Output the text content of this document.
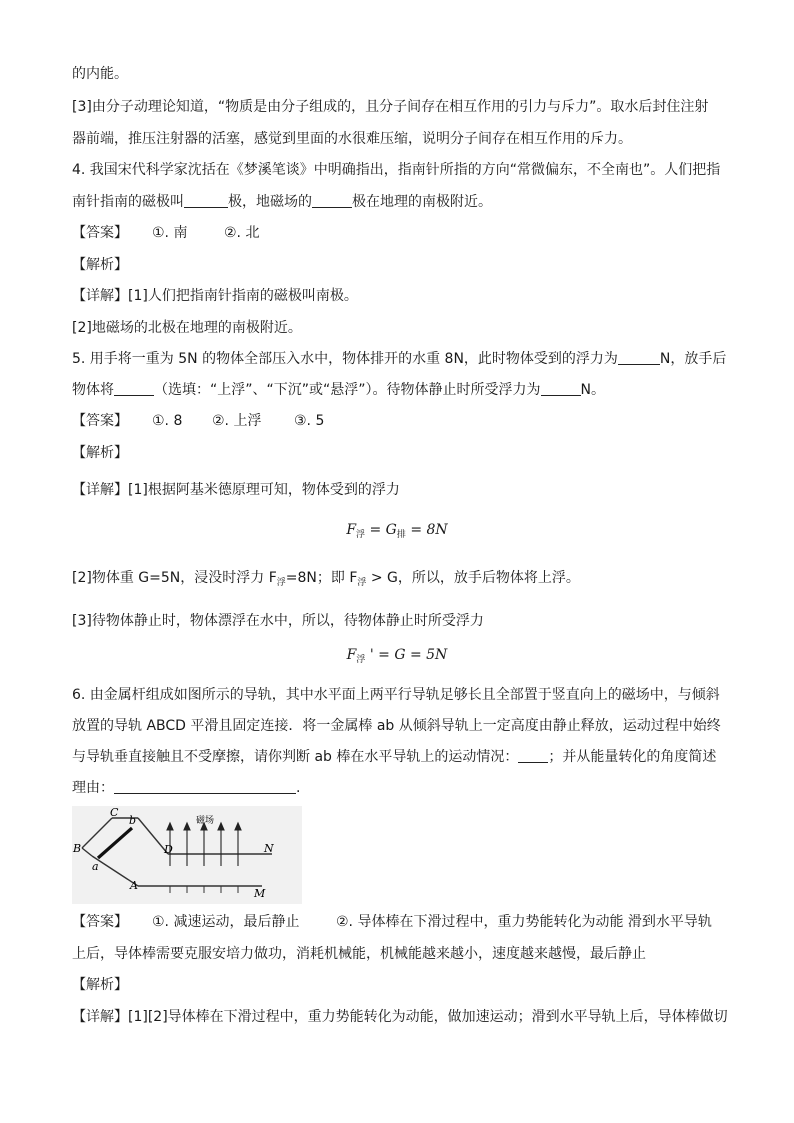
的内能。
[3]由分子动理论知道，“物质是由分子组成的，且分子间存在相互作用的引力与斥力”。取水后封住注射
器前端，推压注射器的活塞，感觉到里面的水很难压缩，说明分子间存在相互作用的斥力。
4. 我国宋代科学家沈括在《梦溪笔谈》中明确指出，指南针所指的方向“常微偏东，不全南也”。人们把指
南针指南的磁极叫	极，地磁场的	极在地理的南极附近。
【答案】 ①. 南	②. 北
【解析】
【详解】[1]人们把指南针指南的磁极叫南极。
[2]地磁场的北极在地理的南极附近。
5. 用手将一重为 5N 的物体全部压入水中，物体排开的水重 8N，此时物体受到的浮力为	N，放手后
物体将	（选填：“上浮”、“下沉”或“悬浮”）。待物体静止时所受浮力为	N。
【答案】 ①. 8 ②. 上浮 ③. 5
【解析】
【详解】[1]根据阿基米德原理可知，物体受到的浮力
$F_浮 = G_排 = 8N$
[2]物体重 G=5N，浸没时浮力 $F_浮=8N$；即 $F_浮 > G$，所以，放手后物体将上浮。
[3]待物体静止时，物体漂浮在水中，所以，待物体静止时所受浮力
$F_浮$ ' = G = 5N
6. 由金属杆组成如图所示的导轨，其中水平面上两平行导轨足够长且全部置于竖直向上的磁场中，与倾斜
放置的导轨 ABCD 平滑且固定连接．将一金属棒 ab 从倾斜导轨上一定高度由静止释放，运动过程中始终
与导轨垂直接触且不受摩擦，请你判断 ab 棒在水平导轨上的运动情况： ；并从能量转化的角度简述
理由：	.
B
C
b
a
A
D	N
M
磁场
【答案】 ①. 减速运动，最后静止	②. 导体棒在下滑过程中，重力势能转化为动能 滑到水平导轨
上后，导体棒需要克服安培力做功，消耗机械能，机械能越来越小，速度越来越慢，最后静止
【解析】
【详解】[1][2]导体棒在下滑过程中，重力势能转化为动能，做加速运动；滑到水平导轨上后，导体棒做切
